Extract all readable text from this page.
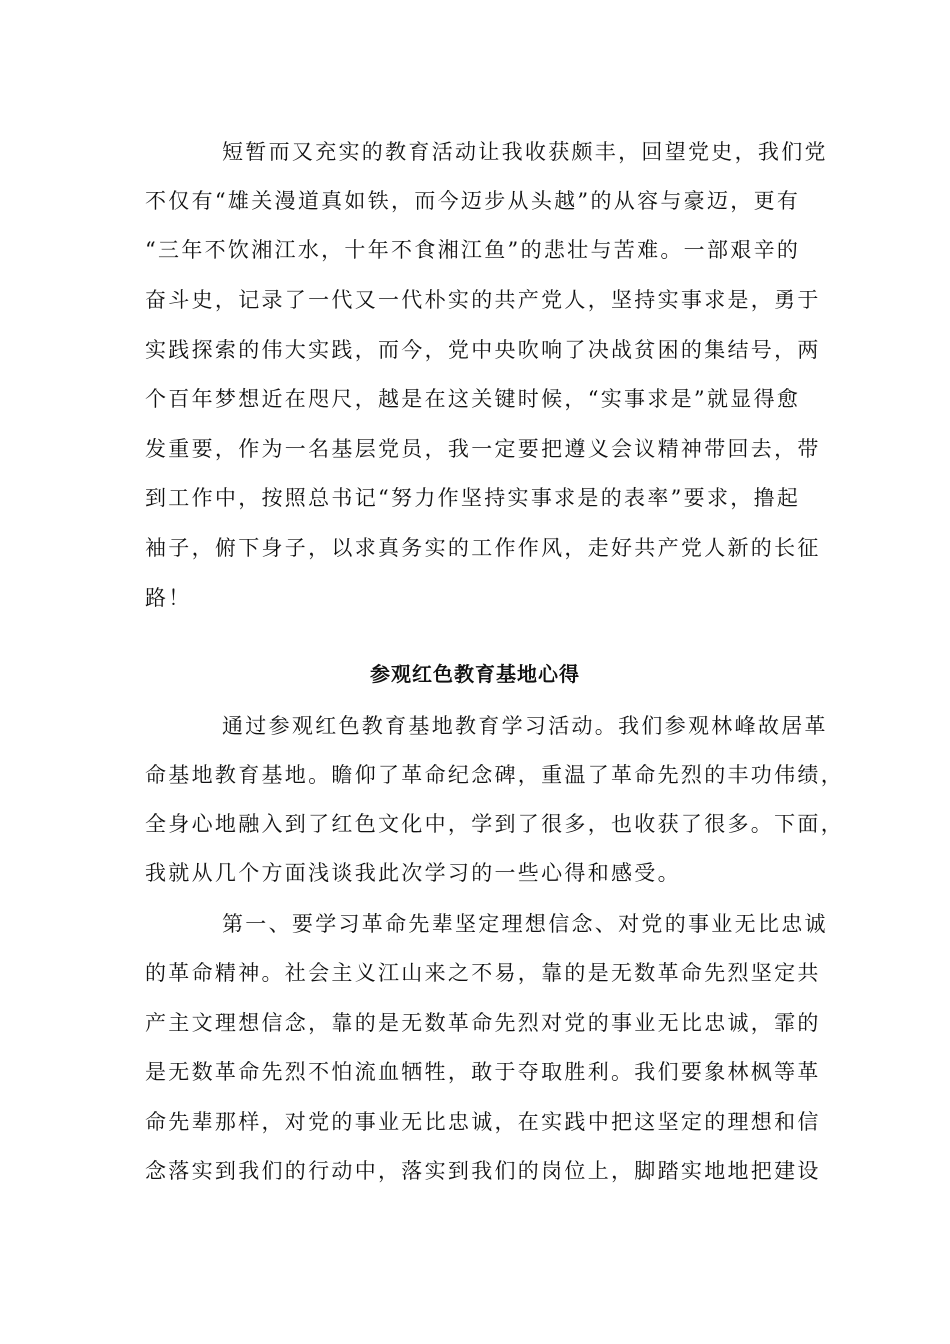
短暂而又充实的教育活动让我收获颇丰，回望党史，我们党
不仅有“雄关漫道真如铁，而今迈步从头越”的从容与豪迈，更有
“三年不饮湘江水，十年不食湘江鱼”的悲壮与苦难。一部艰辛的
奋斗史，记录了一代又一代朴实的共产党人，坚持实事求是，勇于
实践探索的伟大实践，而今，党中央吹响了决战贫困的集结号，两
个百年梦想近在咫尺，越是在这关键时候，“实事求是”就显得愈
发重要，作为一名基层党员，我一定要把遵义会议精神带回去，带
到工作中，按照总书记“努力作坚持实事求是的表率”要求，撸起
袖子，俯下身子，以求真务实的工作作风，走好共产党人新的长征
路！
参观红色教育基地心得
通过参观红色教育基地教育学习活动。我们参观林峰故居革
命基地教育基地。瞻仰了革命纪念碑，重温了革命先烈的丰功伟绩，
全身心地融入到了红色文化中，学到了很多，也收获了很多。下面，
我就从几个方面浅谈我此次学习的一些心得和感受。
第一、要学习革命先辈坚定理想信念、对党的事业无比忠诚
的革命精神。社会主义江山来之不易，靠的是无数革命先烈坚定共
产主文理想信念，靠的是无数革命先烈对党的事业无比忠诚，霏的
是无数革命先烈不怕流血牺牲，敢于夺取胜利。我们要象林枫等革
命先辈那样，对党的事业无比忠诚，在实践中把这坚定的理想和信
念落实到我们的行动中，落实到我们的岗位上，脚踏实地地把建设
